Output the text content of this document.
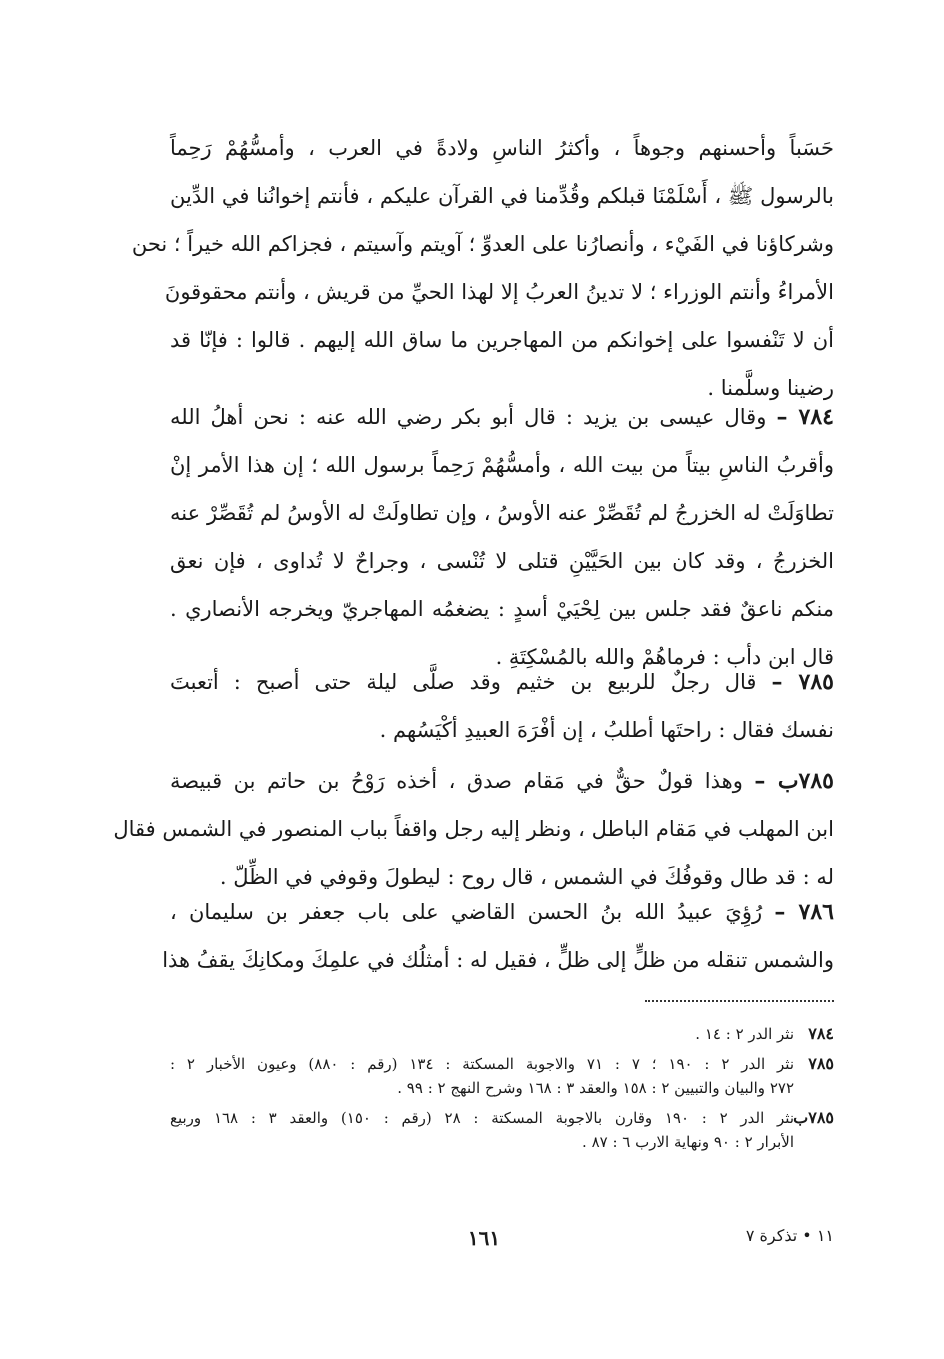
حَسَباً وأحسنهم وجوهاً ، وأكثرُ الناسِ ولادةً في العرب ، وأمسُّهُمْ رَحِماً
بالرسول ﷺ ، أَسْلَمْنَا قبلكم وقُدِّمنا في القرآن عليكم ، فأنتم إخوانُنا في الدِّين
وشركاؤنا في الفَيْء ، وأنصارُنا على العدوِّ ؛ آويتم وآسيتم ، فجزاكم الله خيراً ؛ نحن
الأمراءُ وأنتم الوزراء ؛ لا تدينُ العربُ إلا لهذا الحيِّ من قريش ، وأنتم محقوقونَ
أن لا تَنْفسوا على إخوانكم من المهاجرين ما ساق الله إليهم . قالوا : فإنّا قد
رضينا وسلَّمنا .
٧٨٤ – وقال عيسى بن يزيد : قال أبو بكر رضي الله عنه : نحن أهلُ الله
وأقربُ الناسِ بيتاً من بيت الله ، وأمسُّهُمْ رَحِماً برسول الله ؛ إن هذا الأمر إنْ
تطاوَلَتْ له الخزرجُ لم تُقَصِّرْ عنه الأوسُ ، وإن تطاولَتْ له الأوسُ لم تُقَصِّرْ عنه
الخزرجُ ، وقد كان بين الحَيَّيْنِ قتلى لا تُنْسى ، وجراحٌ لا تُداوى ، فإن نعق
منكم ناعقٌ فقد جلس بين لِحْيَيْ أسدٍ : يضغمُه المهاجريّ ويخرجه الأنصاري .
قال ابن دأب : فرماهُمْ والله بالمُسْكِتَةِ .
٧٨٥ – قال رجلٌ للربيع بن خثيم وقد صلَّى ليلة حتى أصبح : أتعبتَ
نفسك فقال : راحتَها أطلبُ ، إن أفْرَهَ العبيدِ أكْيَسُهم .
٧٨٥ب – وهذا قولٌ حقٌّ في مَقام صدق ، أخذه رَوْحُ بن حاتم بن قبيصة
ابن المهلب في مَقام الباطل ، ونظر إليه رجل واقفاً بباب المنصور في الشمس فقال
له : قد طال وقوفُكَ في الشمس ، قال روح : ليطولَ وقوفي في الظِّلّ .
٧٨٦ – رُؤِيَ عبيدُ الله بنُ الحسن القاضي على باب جعفر بن سليمان ،
والشمس تنقله من ظلٍّ إلى ظلٍّ ، فقيل له : أمثلُك في علمِكَ ومكانِكَ يقفُ هذا
٧٨٤
نثر الدر ٢ : ١٤ .
٧٨٥
نثر الدر ٢ : ١٩٠ ؛ ٧ : ٧١ والاجوبة المسكتة : ١٣٤ (رقم : ٨٨٠) وعيون الأخبار ٢ :
٢٧٢ والبيان والتبيين ٢ : ١٥٨ والعقد ٣ : ١٦٨ وشرح النهج ٢ : ٩٩ .
٧٨٥ب
نثر الدر ٢ : ١٩٠ وقارن بالاجوبة المسكتة : ٢٨ (رقم : ١٥٠) والعقد ٣ : ١٦٨ وربيع
الأبرار ٢ : ٩٠ ونهاية الارب ٦ : ٨٧ .
١٦١	١١ • تذكرة ٧
